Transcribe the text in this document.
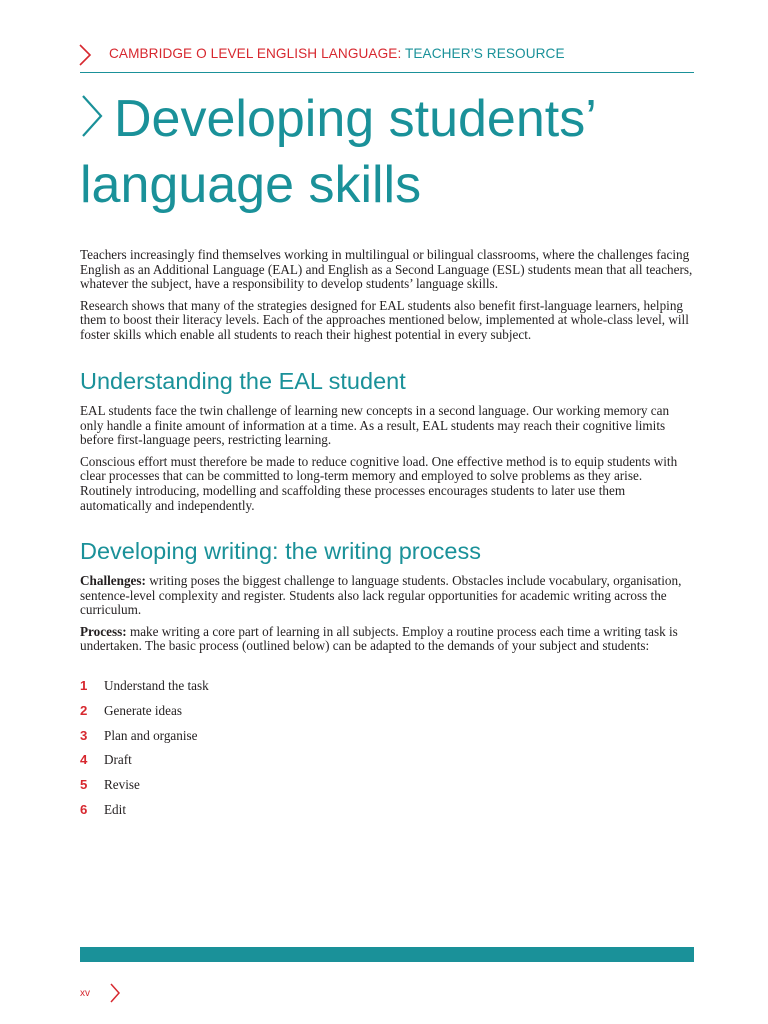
CAMBRIDGE O LEVEL ENGLISH LANGUAGE: TEACHER’S RESOURCE
Developing students’
language skills

Teachers increasingly find themselves working in multilingual or bilingual classrooms, where the challenges facing English as an Additional Language (EAL) and English as a Second Language (ESL) students mean that all teachers, whatever the subject, have a responsibility to develop students’ language skills.

Research shows that many of the strategies designed for EAL students also benefit first-language learners, helping them to boost their literacy levels. Each of the approaches mentioned below, implemented at whole-class level, will foster skills which enable all students to reach their highest potential in every subject.

Understanding the EAL student

EAL students face the twin challenge of learning new concepts in a second language. Our working memory can only handle a finite amount of information at a time. As a result, EAL students may reach their cognitive limits before first-language peers, restricting learning.

Conscious effort must therefore be made to reduce cognitive load. One effective method is to equip students with clear processes that can be committed to long-term memory and employed to solve problems as they arise. Routinely introducing, modelling and scaffolding these processes encourages students to later use them automatically and independently.

Developing writing: the writing process

Challenges: writing poses the biggest challenge to language students. Obstacles include vocabulary, organisation, sentence-level complexity and register. Students also lack regular opportunities for academic writing across the curriculum.

Process: make writing a core part of learning in all subjects. Employ a routine process each time a writing task is undertaken. The basic process (outlined below) can be adapted to the demands of your subject and students:

1	Understand the task
2	Generate ideas
3	Plan and organise
4	Draft
5	Revise
6	Edit
xv
